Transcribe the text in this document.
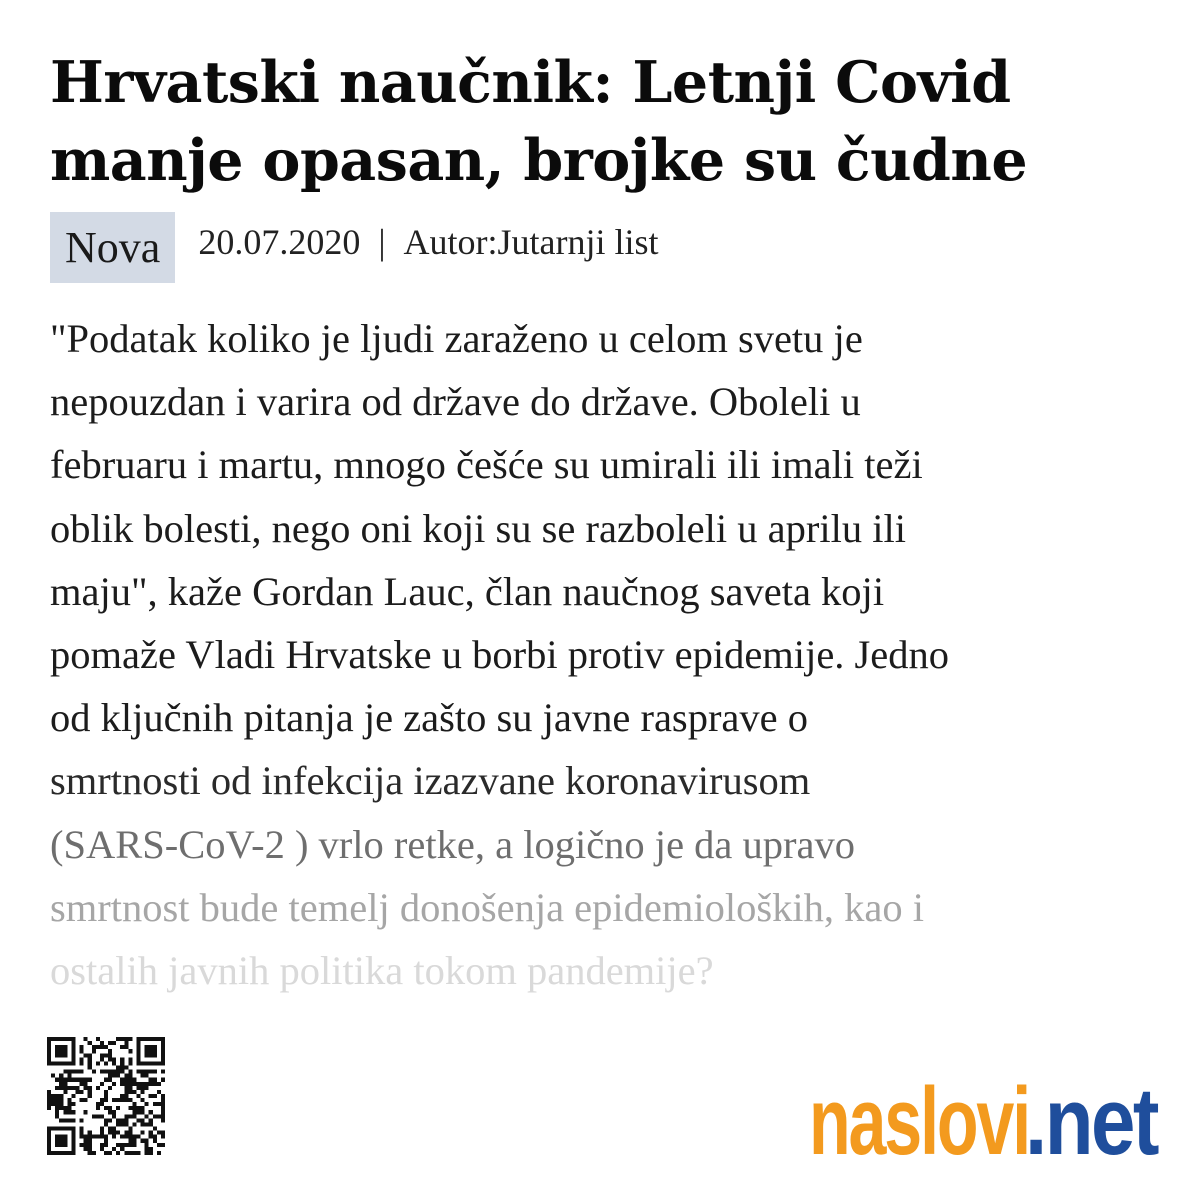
Hrvatski naučnik: Letnji Covid
manje opasan, brojke su čudne
Nova	20.07.2020 | Autor:Jutarnji list
"Podatak koliko je ljudi zaraženo u celom svetu je
nepouzdan i varira od države do države. Oboleli u
februaru i martu, mnogo češće su umirali ili imali teži
oblik bolesti, nego oni koji su se razboleli u aprilu ili
maju", kaže Gordan Lauc, član naučnog saveta koji
pomaže Vladi Hrvatske u borbi protiv epidemije. Jedno
od ključnih pitanja je zašto su javne rasprave o
smrtnosti od infekcija izazvane koronavirusom
(SARS-CoV-2 ) vrlo retke, a logično je da upravo
smrtnost bude temelj donošenja epidemioloških, kao i
ostalih javnih politika tokom pandemije?
naslovi
.net
